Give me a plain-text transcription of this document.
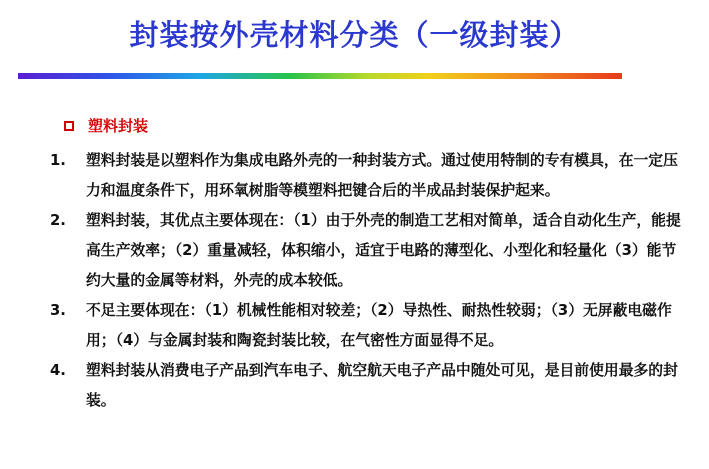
封装按外壳材料分类（一级封装）
塑料封装
1.	塑料封装是以塑料作为集成电路外壳的一种封装方式。通过使用特制的专有模具，在一定压力和温度条件下，用环氧树脂等模塑料把键合后的半成品封装保护起来。
2.	塑料封装，其优点主要体现在：（1）由于外壳的制造工艺相对简单，适合自动化生产，能提高生产效率；（2）重量减轻，体积缩小，适宜于电路的薄型化、小型化和轻量化（3）能节约大量的金属等材料，外壳的成本较低。
3.	不足主要体现在：（1）机械性能相对较差；（2）导热性、耐热性较弱；（3）无屏蔽电磁作用；（4）与金属封装和陶瓷封装比较，在气密性方面显得不足。
4.	塑料封装从消费电子产品到汽车电子、航空航天电子产品中随处可见，是目前使用最多的封装。
